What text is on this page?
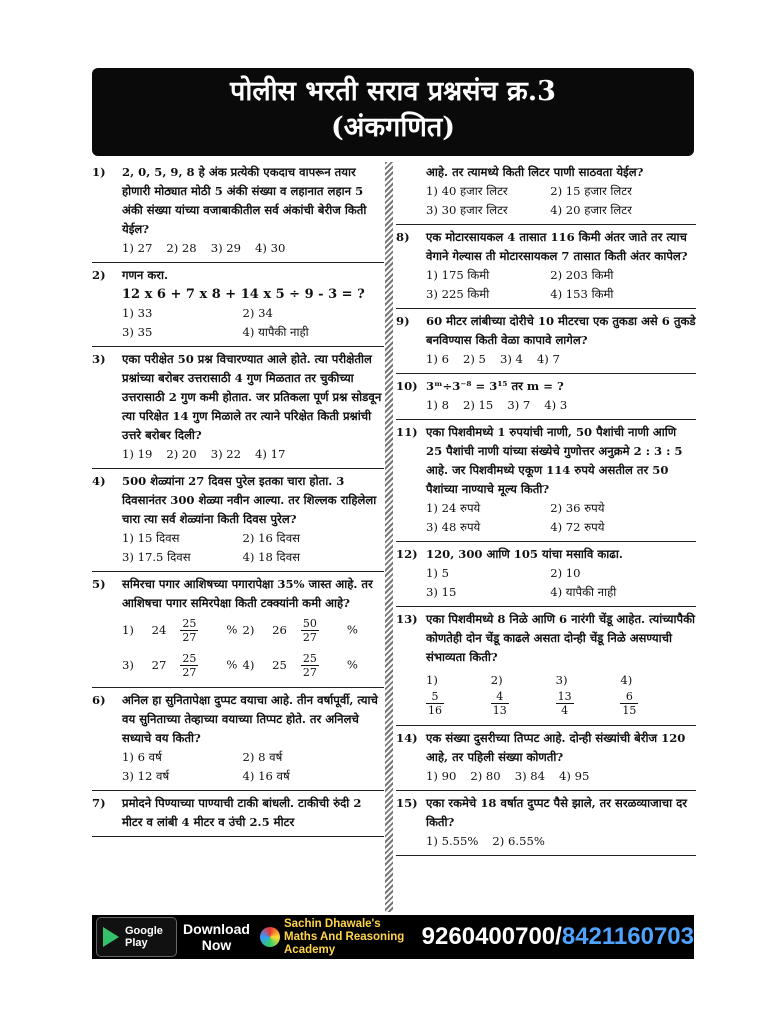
पोलीस भरती सराव प्रश्नसंच क्र.3
(अंकगणित)
1)	2, 0, 5, 9, 8 हे अंक प्रत्येकी एकदाच वापरून तयार होणारी मोठ्यात मोठी 5 अंकी संख्या व लहानात लहान 5 अंकी संख्या यांच्या वजाबाकीतील सर्व अंकांची बेरीज किती येईल?
1) 27 2) 28 3) 29 4) 30
2)	गणन करा.
12 x 6 + 7 x 8 + 14 x 5 ÷ 9 - 3 = ?
1) 33	2) 34
3) 35	4) यापैकी नाही
3)	एका परीक्षेत 50 प्रश्न विचारण्यात आले होते. त्या परीक्षेतील प्रश्नांच्या बरोबर उत्तरासाठी 4 गुण मिळतात तर चुकीच्या उत्तरासाठी 2 गुण कमी होतात. जर प्रतिकला पूर्ण प्रश्न सोडवून त्या परिक्षेत 14 गुण मिळाले तर त्याने परिक्षेत किती प्रश्नांची उत्तरे बरोबर दिली?
1) 19 2) 20 3) 22 4) 17
4)	500 शेळ्यांना 27 दिवस पुरेल इतका चारा होता. 3 दिवसानंतर 300 शेळ्या नवीन आल्या. तर शिल्लक राहिलेला चारा त्या सर्व शेळ्यांना किती दिवस पुरेल?
1) 15 दिवस	2) 16 दिवस
3) 17.5 दिवस	4) 18 दिवस
5)	समिरचा पगार आशिषच्या पगारापेक्षा 35% जास्त आहे. तर आशिषचा पगार समिरपेक्षा किती टक्क्यांनी कमी आहे?
1) $24 \frac{25}{27}$ % 2) $26 \frac{50}{27}$ %
3) $27 \frac{25}{27}$ % 4) $25 \frac{25}{27}$ %
6)	अनिल हा सुनितापेक्षा दुप्पट वयाचा आहे. तीन वर्षापूर्वी, त्याचे वय सुनिताच्या तेव्हाच्या वयाच्या तिप्पट होते. तर अनिलचे सध्याचे वय किती?
1) 6 वर्ष	2) 8 वर्ष
3) 12 वर्ष	4) 16 वर्ष
7)	प्रमोदने पिण्याच्या पाण्याची टाकी बांधली. टाकीची रुंदी 2 मीटर व लांबी 4 मीटर व उंची 2.5 मीटर
आहे. तर त्यामध्ये किती लिटर पाणी साठवता येईल?
1) 40 हजार लिटर	2) 15 हजार लिटर
3) 30 हजार लिटर	4) 20 हजार लिटर
8)	एक मोटारसायकल 4 तासात 116 किमी अंतर जाते तर त्याच वेगाने गेल्यास ती मोटारसायकल 7 तासात किती अंतर कापेल?
1) 175 किमी	2) 203 किमी
3) 225 किमी	4) 153 किमी
9)	60 मीटर लांबीच्या दोरीचे 10 मीटरचा एक तुकडा असे 6 तुकडे बनविण्यास किती वेळा कापावे लागेल?
1) 6 2) 5 3) 4 4) 7
10) 3ᵐ÷3⁻⁸ = 3¹⁵ तर m = ?
1) 8 2) 15 3) 7 4) 3
11) एका पिशवीमध्ये 1 रुपयांची नाणी, 50 पैशांची नाणी आणि 25 पैशांची नाणी यांच्या संख्येचे गुणोत्तर अनुक्रमे 2 : 3 : 5 आहे. जर पिशवीमध्ये एकूण 114 रुपये असतील तर 50 पैशांच्या नाण्याचे मूल्य किती?
1) 24 रुपये	2) 36 रुपये
3) 48 रुपये	4) 72 रुपये
12) 120, 300 आणि 105 यांचा मसावि काढा.
1) 5	2) 10
3) 15	4) यापैकी नाही
13) एका पिशवीमध्ये 8 निळे आणि 6 नारंगी चेंडू आहेत. त्यांच्यापैकी कोणतेही दोन चेंडू काढले असता दोन्ही चेंडू निळे असण्याची संभाव्यता किती?
1)
$\frac{5}{16}$
2)
$\frac{4}{13}$
3)
$\frac{13}{4}$
4)
$\frac{6}{15}$
14) एक संख्या दुसरीच्या तिप्पट आहे. दोन्ही संख्यांची बेरीज 120 आहे, तर पहिली संख्या कोणती?
1) 90 2) 80 3) 84 4) 95
15) एका रकमेचे 18 वर्षात दुप्पट पैसे झाले, तर सरळव्याजाचा दर किती?
1) 5.55% 2) 6.55%
Google Play
Download Now
Sachin Dhawale's Maths And Reasoning Academy	9260400700/8421160703
